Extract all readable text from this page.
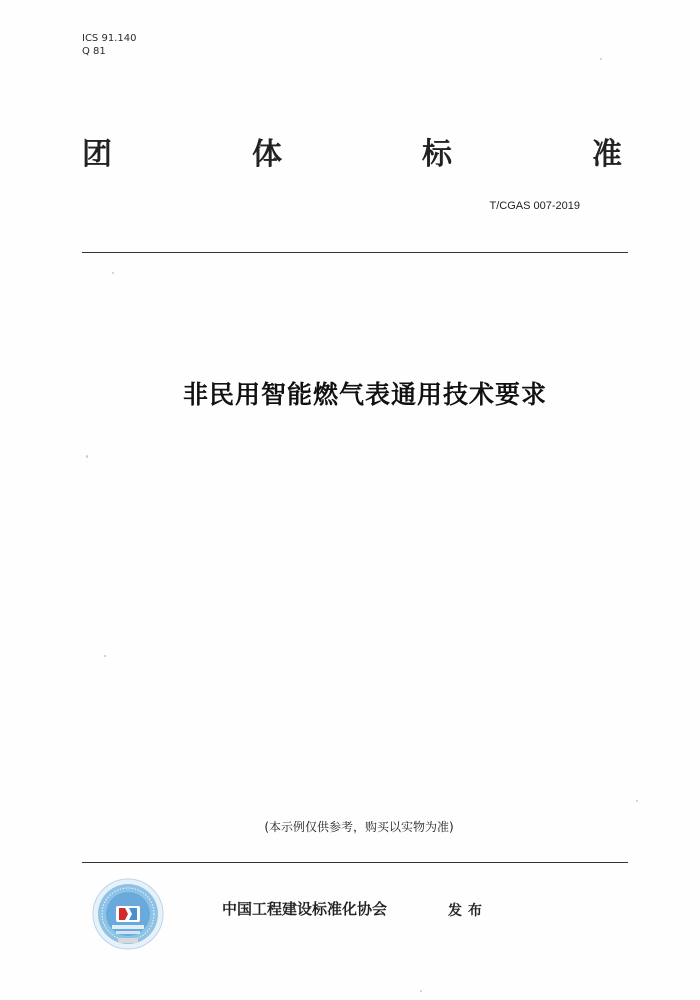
ICS 91.140
Q 81
团	体	标	准
T/CGAS 007-2019
非民用智能燃气表通用技术要求
(本示例仅供参考，购买以实物为准)
中国工程建设标准化协会	发布
